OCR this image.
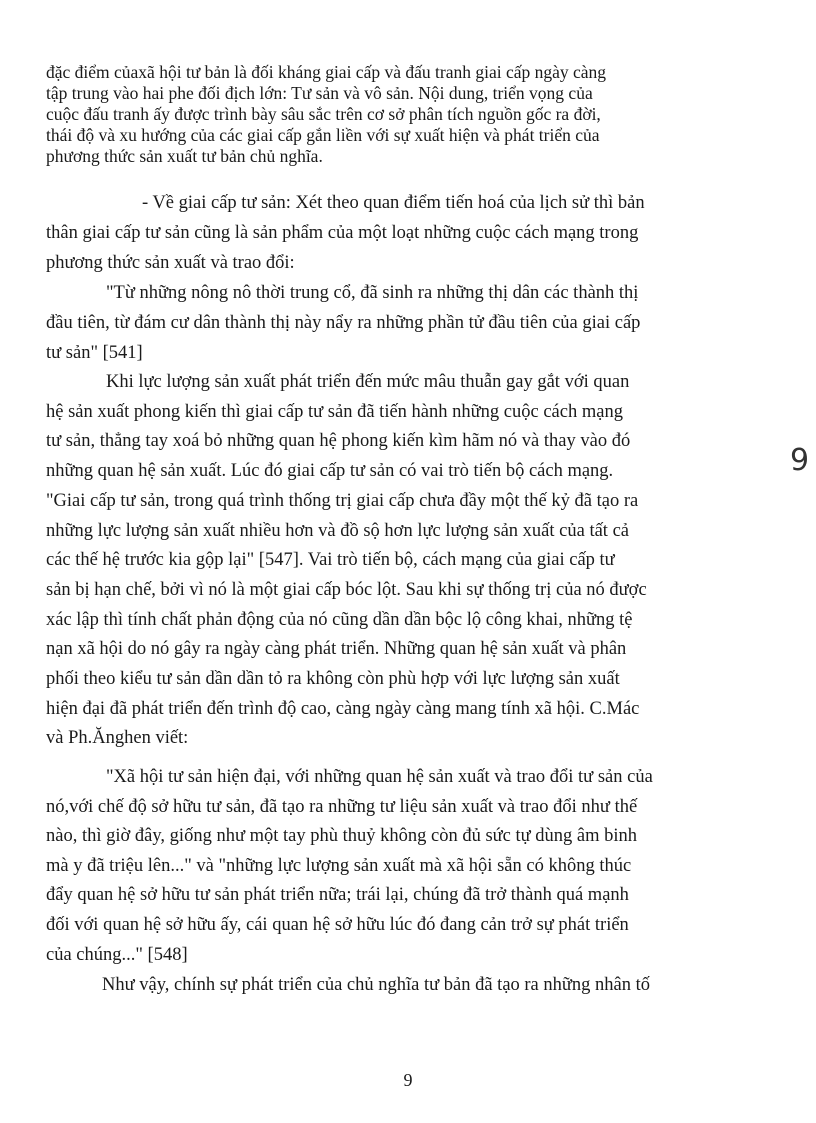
đặc điểm củaxã hội tư bản là đối kháng giai cấp và đấu tranh giai cấp ngày càng
tập trung vào hai phe đối địch lớn: Tư sản và vô sản. Nội dung, triển vọng của
cuộc đấu tranh ấy được trình bày sâu sắc trên cơ sở phân tích nguồn gốc ra đời,
thái độ và xu hướng của các giai cấp gắn liền với sự xuất hiện và phát triển của
phương thức sản xuất tư bản chủ nghĩa.
- Về giai cấp tư sản: Xét theo quan điểm tiến hoá của lịch sử thì bản
thân giai cấp tư sản cũng là sản phẩm của một loạt những cuộc cách mạng trong
phương thức sản xuất và trao đổi:
"Từ những nông nô thời trung cổ, đã sinh ra những thị dân các thành thị
đầu tiên, từ đám cư dân thành thị này nẩy ra những phần tử đầu tiên của giai cấp
tư sản" [541]
Khi lực lượng sản xuất phát triển đến mức mâu thuẫn gay gắt với quan
hệ sản xuất phong kiến thì giai cấp tư sản đã tiến hành những cuộc cách mạng
tư sản, thẳng tay xoá bỏ những quan hệ phong kiến kìm hãm nó và thay vào đó
những quan hệ sản xuất. Lúc đó giai cấp tư sản có vai trò tiến bộ cách mạng.
"Giai cấp tư sản, trong quá trình thống trị giai cấp chưa đầy một thế kỷ đã tạo ra
những lực lượng sản xuất nhiều hơn và đồ sộ hơn lực lượng sản xuất của tất cả
các thế hệ trước kia gộp lại" [547]. Vai trò tiến bộ, cách mạng của giai cấp tư
sản bị hạn chế, bởi vì nó là một giai cấp bóc lột. Sau khi sự thống trị của nó được
xác lập thì tính chất phản động của nó cũng dần dần bộc lộ công khai, những tệ
nạn xã hội do nó gây ra ngày càng phát triển. Những quan hệ sản xuất và phân
phối theo kiểu tư sản dần dần tỏ ra không còn phù hợp với lực lượng sản xuất
hiện đại đã phát triển đến trình độ cao, càng ngày càng mang tính xã hội. C.Mác
và Ph.Ănghen viết:
"Xã hội tư sản hiện đại, với những quan hệ sản xuất và trao đổi tư sản của
nó,với chế độ sở hữu tư sản, đã tạo ra những tư liệu sản xuất và trao đổi như thế
nào, thì giờ đây, giống như một tay phù thuỷ không còn đủ sức tự dùng âm binh
mà y đã triệu lên..." và "những lực lượng sản xuất mà xã hội sẵn có không thúc
đẩy quan hệ sở hữu tư sản phát triển nữa; trái lại, chúng đã trở thành quá mạnh
đối với quan hệ sở hữu ấy, cái quan hệ sở hữu lúc đó đang cản trở sự phát triển
của chúng..." [548]
Như vậy, chính sự phát triển của chủ nghĩa tư bản đã tạo ra những nhân tố
9
9
